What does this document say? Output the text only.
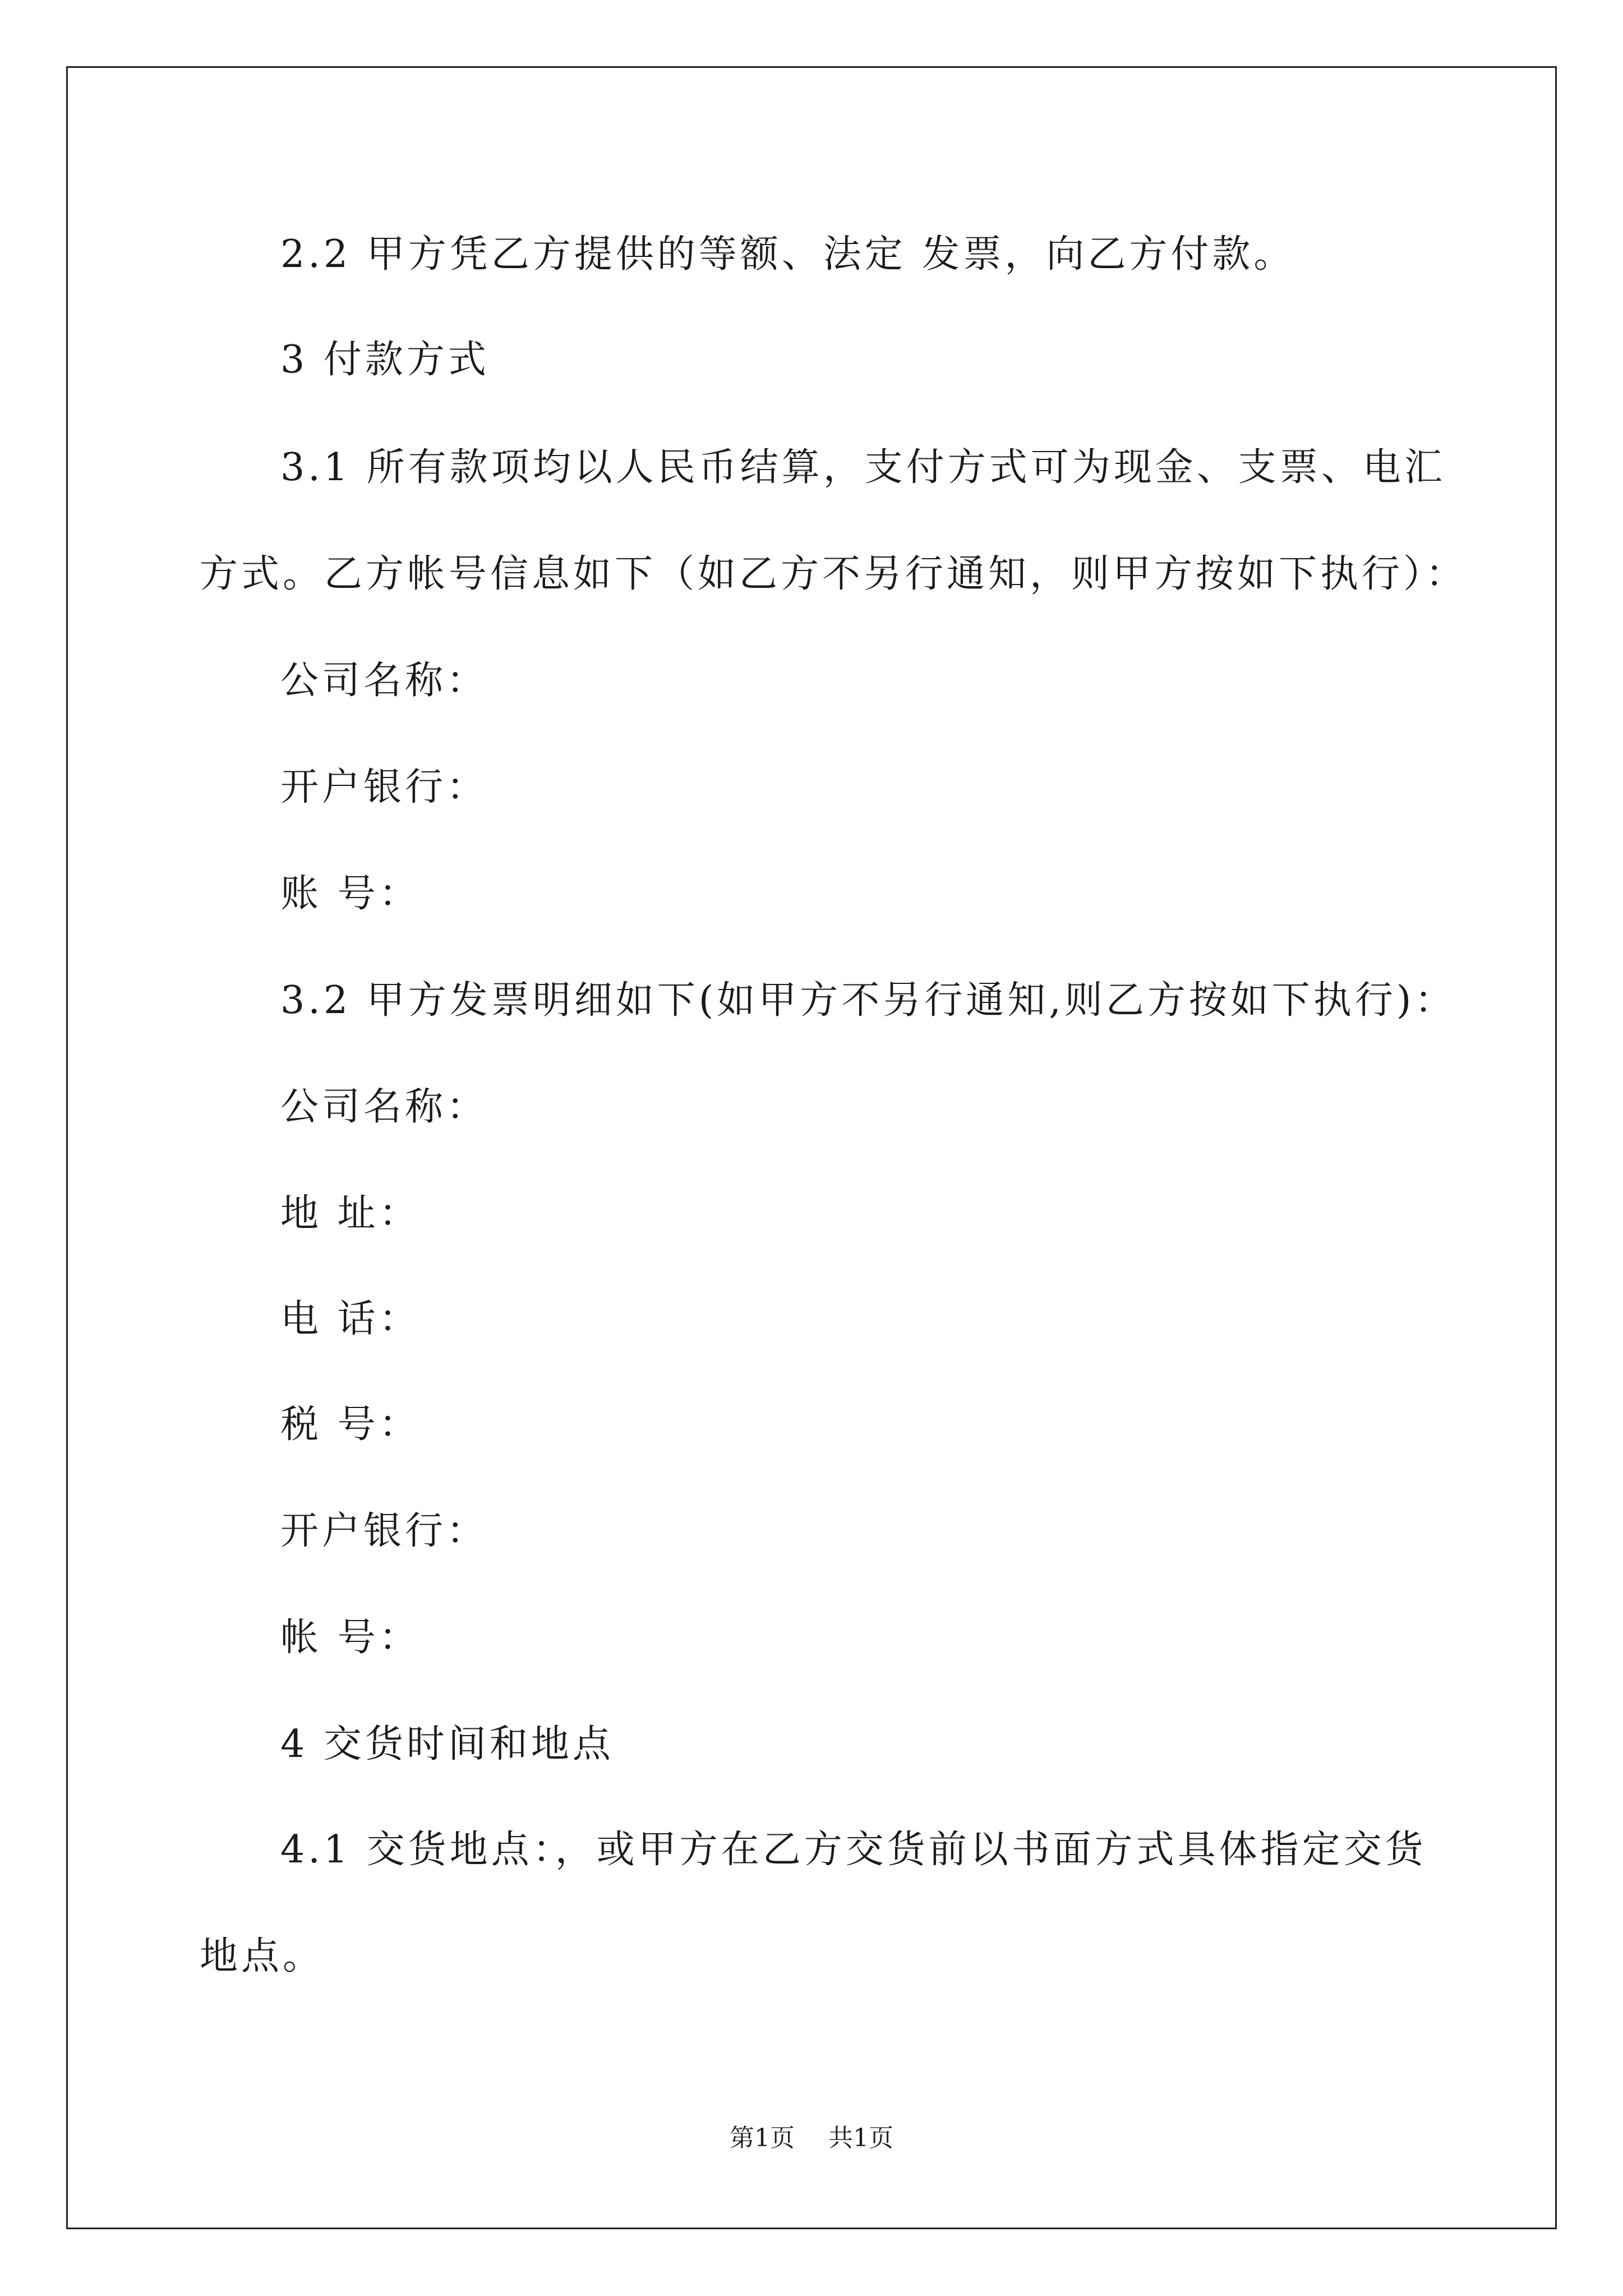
2.2 甲方凭乙方提供的等额、法定 发票，向乙方付款。
3 付款方式
3.1 所有款项均以人民币结算，支付方式可为现金、支票、电汇
方式。乙方帐号信息如下（如乙方不另行通知，则甲方按如下执行）：
公司名称：
开户银行：
账 号：
3.2 甲方发票明细如下(如甲方不另行通知,则乙方按如下执行)：
公司名称：
地 址：
电 话：
税 号：
开户银行：
帐 号：
4 交货时间和地点
4.1 交货地点：，或甲方在乙方交货前以书面方式具体指定交货
地点。
第1页 共1页
